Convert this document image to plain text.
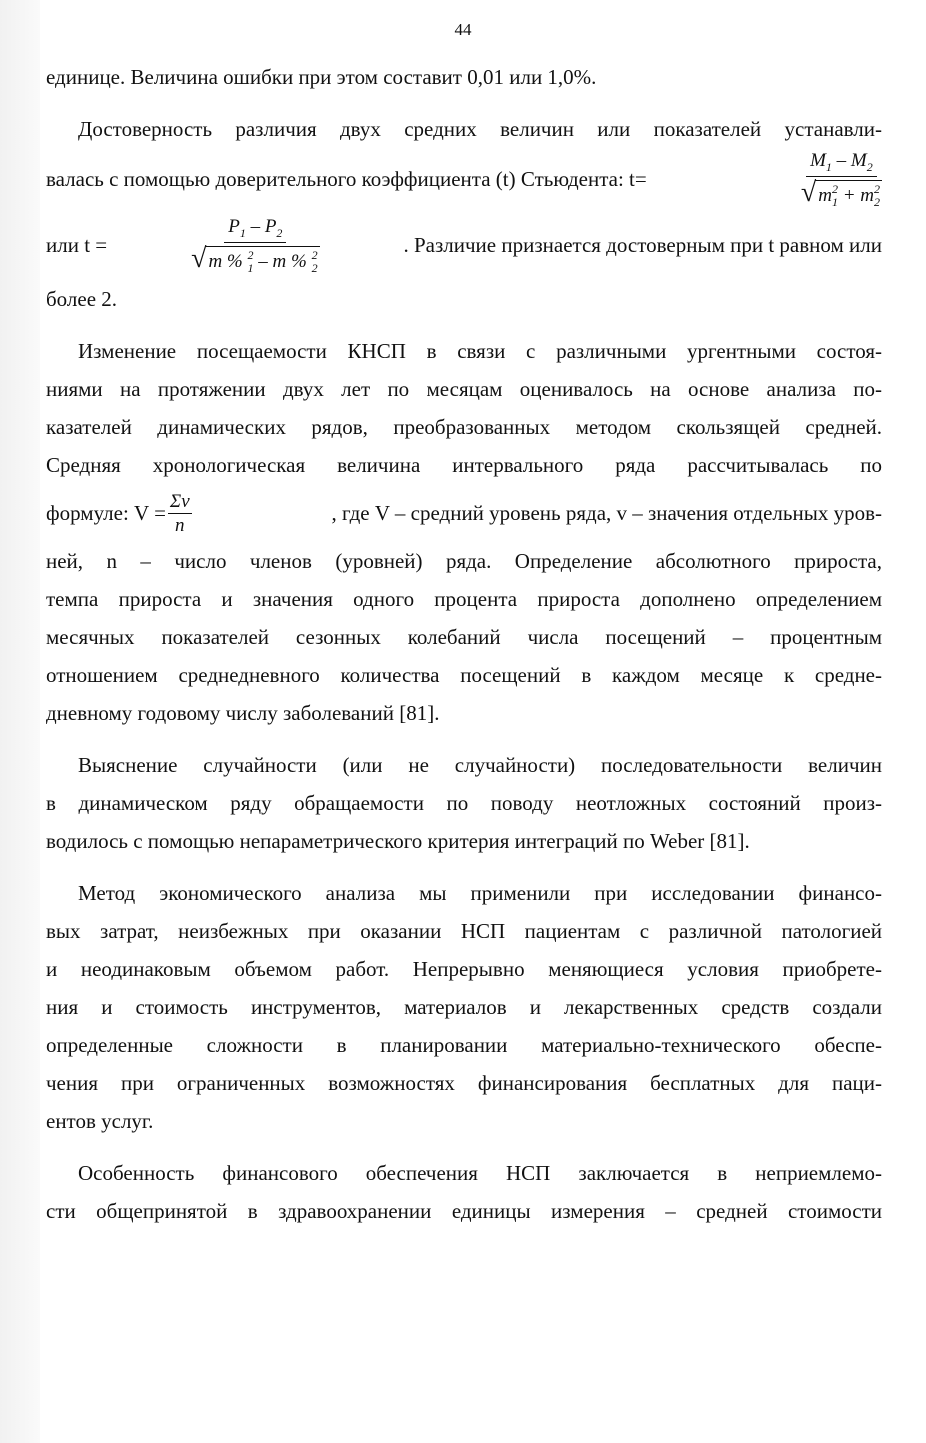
44

единице. Величина ошибки при этом составит 0,01 или 1,0%.

Достоверность различия двух средних величин или показателей устанавли-
валась с помощью доверительного коэффициента (t) Стьюдента: t=	$\frac{M_1 - M_2}{√ m_1^2 + m_2^2}$
или t =	$\frac{P_1 - P_2}{√ m \% _1^2 - m \% _2^2}$	. Различие признается достоверным при t равном или
более 2.

Изменение посещаемости КНСП в связи с различными ургентными состоя-
ниями на протяжении двух лет по месяцам оценивалось на основе анализа по-
казателей динамических рядов, преобразованных методом скользящей средней.
Средняя хронологическая величина интервального ряда рассчитывалась по
формуле: $V = \frac{\Sigma v}{n}$	, где V – средний уровень ряда, v – значения отдельных уров-
ней, n – число членов (уровней) ряда. Определение абсолютного прироста,
темпа прироста и значения одного процента прироста дополнено определением
месячных показателей сезонных колебаний числа посещений – процентным
отношением среднедневного количества посещений в каждом месяце к средне-
дневному годовому числу заболеваний [81].

Выяснение случайности (или не случайности) последовательности величин
в динамическом ряду обращаемости по поводу неотложных состояний произ-
водилось с помощью непараметрического критерия интеграций по Weber [81].

Метод экономического анализа мы применили при исследовании финансо-
вых затрат, неизбежных при оказании НСП пациентам с различной патологией
и неодинаковым объемом работ. Непрерывно меняющиеся условия приобрете-
ния и стоимость инструментов, материалов и лекарственных средств создали
определенные сложности в планировании материально-технического обеспе-
чения при ограниченных возможностях финансирования бесплатных для паци-
ентов услуг.

Особенность финансового обеспечения НСП заключается в неприемлемо-
сти общепринятой в здравоохранении единицы измерения – средней стоимости
